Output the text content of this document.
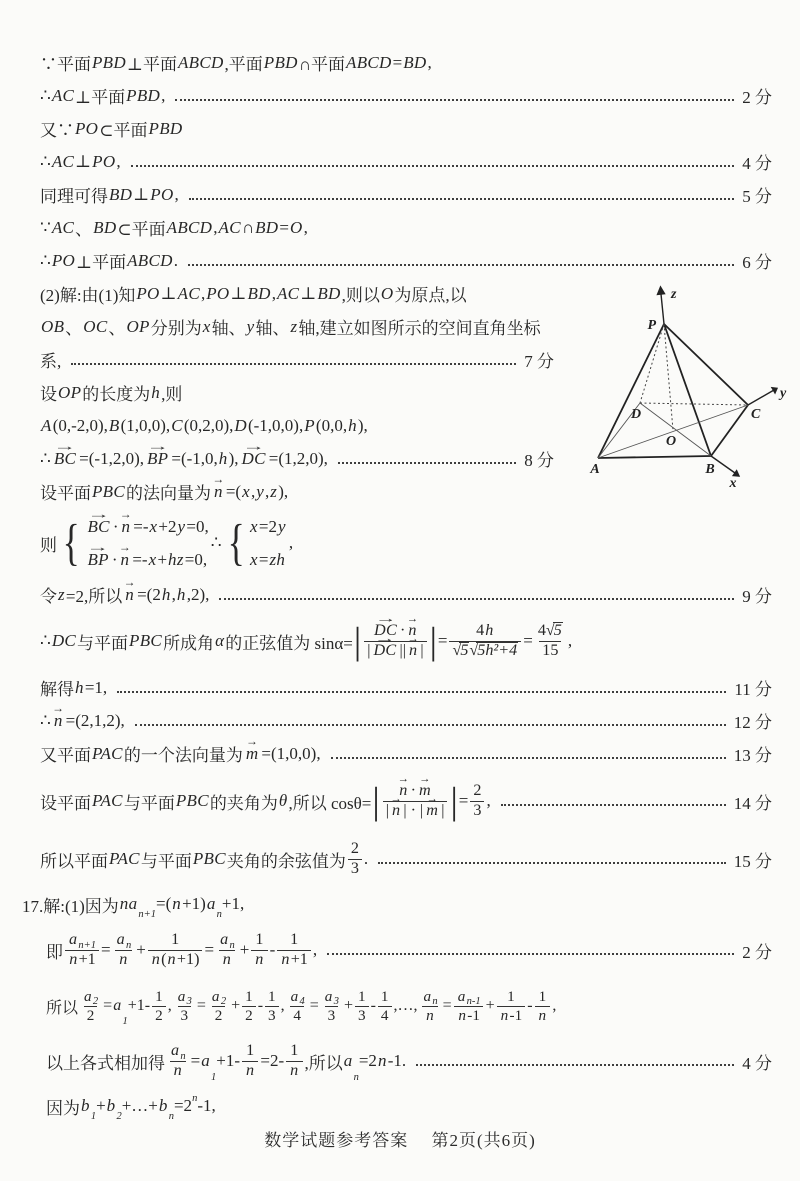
∵平面 PBD ⊥平面 ABCD ,平面 PBD ∩平面 ABCD = BD ,
∴ AC ⊥平面 PBD ,	2 分
又∵ PO ⊂平面 PBD
∴ AC ⊥ PO ,	4 分
同理可得 BD ⊥ PO ,	5 分
∵ AC 、 BD ⊂平面 ABCD , AC ∩ BD = O ,
∴ PO ⊥平面 ABCD .	6 分
(2)解:由(1)知 PO ⊥ AC , PO ⊥ BD , AC ⊥ BD ,则以 O 为原点,以
OB 、 OC 、 OP 分别为 x 轴、 y 轴、 z 轴,建立如图所示的空间直角坐标
系,	7 分
设 OP 的长度为 h ,则
A (0,-2,0), B (1,0,0), C (0,2,0), D (-1,0,0), P (0,0, h ),
∴ → BC =(-1,2,0), → BP =(-1,0, h ), → DC =(1,2,0),	8 分
设平面 PBC 的法向量为 → n =( x , y , z ),
则 { → BC · → n =- x +2 y =0,
→ BP · → n =- x + hz =0,
∴ { x =2 y
x = zh
,
令 z =2,所以 → n =(2 h , h ,2),	9 分
∴ DC 与平面 PBC 所成角 α 的正弦值为 sinα= | → $\frac{DC \cdot \to n}{| \to DC || \to n |}$ | = $\frac{4 h}{\text{√ 5 √ 5h²+4}} = \frac{4√ 5}{15}$ ,
解得 h =1,	11 分
∴ → n =(2,1,2),	12 分
又平面 PAC 的一个法向量为 → m =(1,0,0),	13 分
设平面 PAC 与平面 PBC 的夹角为 θ ,所以 cosθ= | → $\frac{n \cdot \to m}{| \to n | \cdot | \to m |}$ | = $\frac{2}{3}$ ,	14 分
所以平面 PAC 与平面 PBC 夹角的余弦值为 $\frac{2}{3}$ .	15 分
17.解:(1)因为 na
n+1
=( n +1) a
n
+1,
即 $\frac{\text{a n+1}}{n +1} = \frac{\text{a n}}{n} + \frac{1}{n ( n +1)} = \frac{\text{a n}}{n} + \frac{1}{n} - \frac{1}{n +1}$ ,	2 分
所以 $\frac{a 2}{2} = a$
1
$+1- \frac{1}{2}$ , $\frac{a 3}{3} = \frac{a 2}{2} + \frac{1}{2} - \frac{1}{3}$ , $\frac{a 4}{4} = \frac{a 3}{3} + \frac{1}{3} - \frac{1}{4}$ ,…, $\frac{\text{a n}}{n} = \frac{\text{a n-1}}{n -1} + \frac{1}{n -1} - \frac{1}{n}$ ,
以上各式相加得 $\frac{\text{a n}}{n} = a$
1
$+1- \frac{1}{n} =2- \frac{1}{n}$ ,所以 a
n
=2 n -1.	4 分
因为 b
1
+ b
2
+…+ b
n
=2 n -1,
P
A	B
C
D
O
z
x
y
数学试题参考答案 第2页(共6页)
